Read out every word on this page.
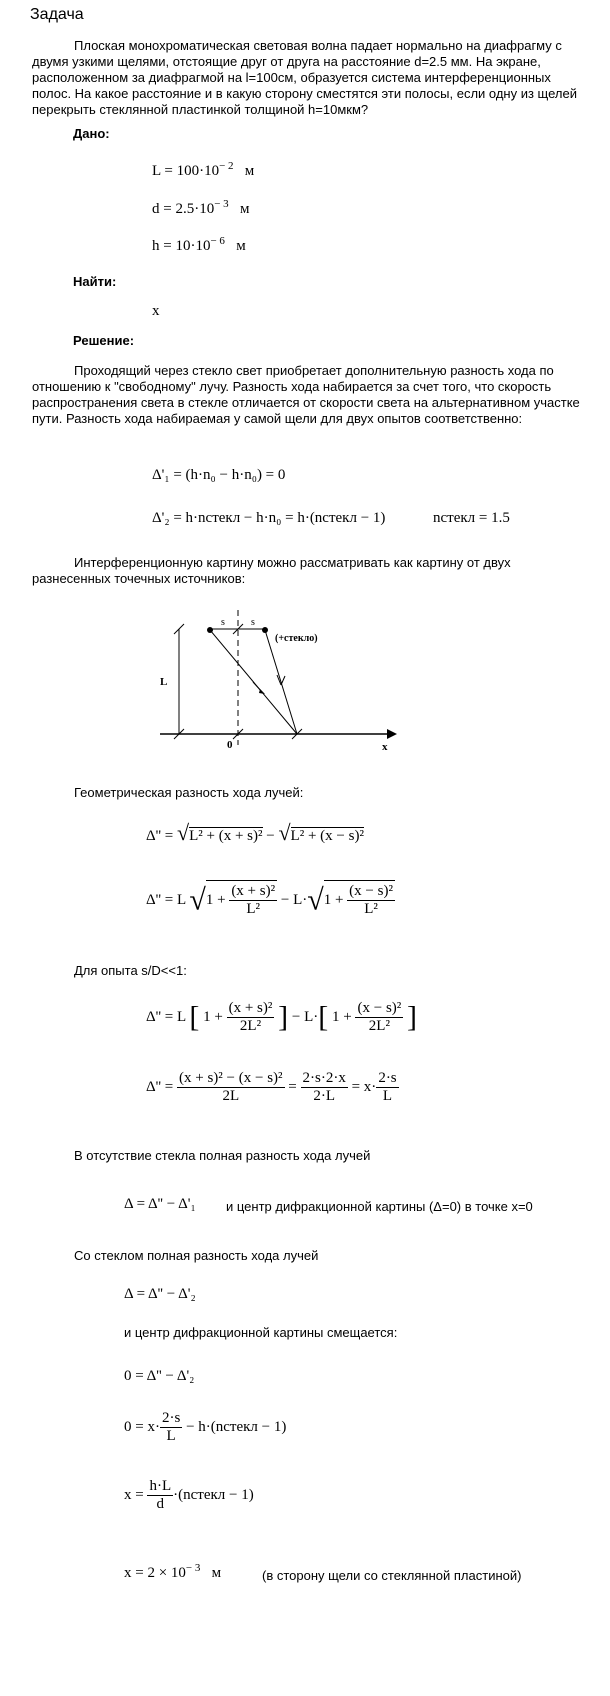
Задача
Плоская монохроматическая световая волна падает нормально на диафрагму с двумя узкими щелями, отстоящие друг от друга на расстояние d=2.5 мм. На экране, расположенном за диафрагмой на l=100cм, образуется система интерференционных полос. На какое расстояние и в какую сторону сместятся эти полосы, если одну из щелей перекрыть стеклянной пластинкой толщиной h=10мкм?
Дано:
$L = 100\cdot 10^{- 2}$ м
$d = 2.5\cdot 10^{- 3}$ м
$h = 10\cdot 10^{- 6}$ м
Найти:
x
Решение:
Проходящий через стекло свет приобретает дополнительную разность хода по отношению к "свободному" лучу. Разность хода набирается за счет того, что скорость распространения света в стекле отличается от скорости света на альтернативном участке пути. Разность хода набираемая у самой щели для двух опытов соответственно:
Δ'₁ = (h·n₀ − h·n₀) = 0
Δ'₂ = h·nстекл − h·n₀ = h·(nстекл − 1)	nстекл = 1.5
Интерференционную картину можно рассматривать как картину от двух разнесенных точечных источников:
s	s
(+стекло)
L
0	x
Геометрическая разность хода лучей:
Δ'' = √L² + (x + s)² − √L² + (x − s)²
Δ'' = L $√1 + \frac{\text{(x + s)²}}{\text{L²}} - L\cdot√1 + \frac{\text{(x − s)²}}{\text{L²}}$
Для опыта s/D<<1:
Δ'' = L [ $1 + \frac{\text{(x + s)²}}{\text{2L²}}$ ] − L·[ $1 + \frac{\text{(x − s)²}}{\text{2L²}}$ ]
$\Delta'' = \frac{\text{(x + s)² − (x − s)²}}{2L} = \frac{2\cdot s\cdot 2\cdot x}{2\cdot L} = x\cdot \frac{2\cdot s}{L}$
В отсутствие стекла полная разность хода лучей
Δ = Δ'' − Δ'₁ и центр дифракционной картины (Δ=0) в точке x=0
Со стеклом полная разность хода лучей
Δ = Δ'' − Δ'₂
и центр дифракционной картины смещается:
0 = Δ'' − Δ'₂
$0 = x\cdot \frac{2\cdot s}{L}$ − h·(nстекл − 1)
$x = \frac{h\cdot L}{d}$ ·(nстекл − 1)
$x = 2 \times 10^{- 3}$ м	(в сторону щели со стеклянной пластиной)
